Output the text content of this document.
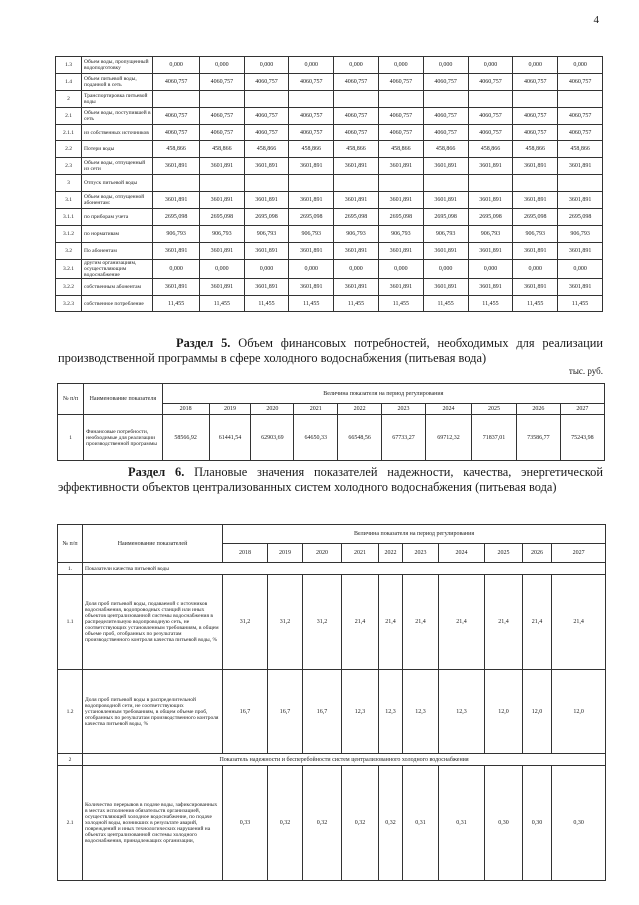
4
1.3	Объем воды, пропущенный водоподготовку	0,000	0,000	0,000	0,000	0,000	0,000	0,000	0,000	0,000	0,000
1.4	Объем питьевой воды, поданной в сеть	4060,757	4060,757	4060,757	4060,757	4060,757	4060,757	4060,757	4060,757	4060,757	4060,757
2	Транспортировка питьевой воды										
2.1	Объем воды, поступившей в сеть	4060,757	4060,757	4060,757	4060,757	4060,757	4060,757	4060,757	4060,757	4060,757	4060,757
2.1.1	из собственных источников	4060,757	4060,757	4060,757	4060,757	4060,757	4060,757	4060,757	4060,757	4060,757	4060,757
2.2	Потери воды	458,866	458,866	458,866	458,866	458,866	458,866	458,866	458,866	458,866	458,866
2.3	Объем воды, отпущенный из сети	3601,891	3601,891	3601,891	3601,891	3601,891	3601,891	3601,891	3601,891	3601,891	3601,891
3	Отпуск питьевой воды										
3.1	Объем воды, отпущенной абонентам:	3601,891	3601,891	3601,891	3601,891	3601,891	3601,891	3601,891	3601,891	3601,891	3601,891
3.1.1	по приборам учета	2695,098	2695,098	2695,098	2695,098	2695,098	2695,098	2695,098	2695,098	2695,098	2695,098
3.1.2	по нормативам	906,793	906,793	906,793	906,793	906,793	906,793	906,793	906,793	906,793	906,793
3.2	По абонентам	3601,891	3601,891	3601,891	3601,891	3601,891	3601,891	3601,891	3601,891	3601,891	3601,891
3.2.1	другим организациям, осуществляющим водоснабжение	0,000	0,000	0,000	0,000	0,000	0,000	0,000	0,000	0,000	0,000
3.2.2	собственным абонентам	3601,891	3601,891	3601,891	3601,891	3601,891	3601,891	3601,891	3601,891	3601,891	3601,891
3.2.3	собственное потребление	11,455	11,455	11,455	11,455	11,455	11,455	11,455	11,455	11,455	11,455
Раздел 5. Объем финансовых потребностей, необходимых для реализации производственной программы в сфере холодного водоснабжения (питьевая вода)
тыс. руб.
№ п/п	Наименование показателя	Величина показателя на период регулирования									
		2018	2019	2020	2021	2022	2023	2024	2025	2026	2027
1	Финансовые потребности, необходимые для реализации производственной программы	58566,92	61441,54	62903,69	64650,33	66548,56	67733,27	69712,32	71837,01	73586,77	75243,98
Раздел 6. Плановые значения показателей надежности, качества, энергетической эффективности объектов централизованных систем холодного водоснабжения (питьевая вода)
№ п/п	Наименование показателей	Величина показателя на период регулирования									
		2018	2019	2020	2021	2022	2023	2024	2025	2026	2027
1.	Показатели качества питьевой воды										
1.1	Доля проб питьевой воды, подаваемой с источников водоснабжения, водопроводных станций или иных объектов централизованной системы водоснабжения в распределительную водопроводную сеть, не соответствующих установленным требованиям, в общем объеме проб, отобранных по результатам производственного контроля качества питьевой воды, %	31,2	31,2	31,2	21,4	21,4	21,4	21,4	21,4	21,4	21,4
1.2	Доля проб питьевой воды в распределительной водопроводной сети, не соответствующих установленным требованиям, в общем объеме проб, отобранных по результатам производственного контроля качества питьевой воды, %	16,7	16,7	16,7	12,3	12,3	12,3	12,3	12,0	12,0	12,0
2	Показатель надежности и бесперебойности систем централизованного холодного водоснабжения										
2.1	Количество перерывов в подаче воды, зафиксированных в местах исполнения обязательств организацией, осуществляющей холодное водоснабжение, по подаче холодной воды, возникших в результате аварий, повреждений и иных технологических нарушений на объектах централизованной системы холодного водоснабжения, принадлежащих организации,	0,33	0,32	0,32	0,32	0,32	0,31	0,31	0,30	0,30	0,30
